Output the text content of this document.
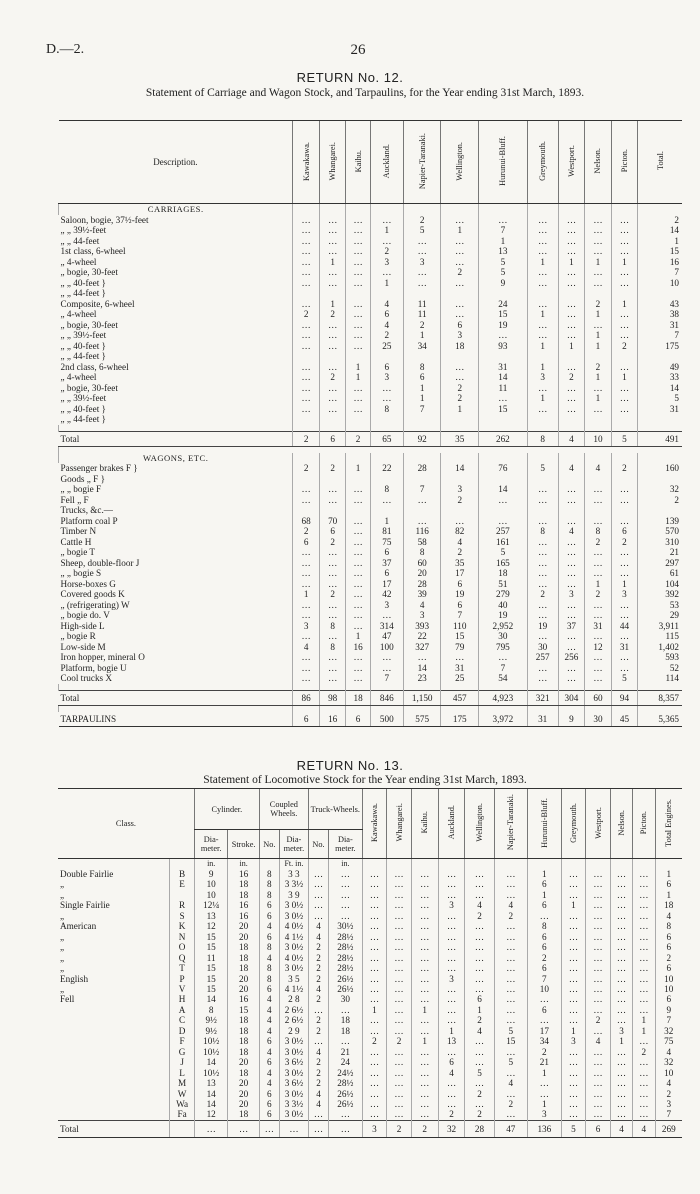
D.—2.	26
RETURN No. 12.
Statement of Carriage and Wagon Stock, and Tarpaulins, for the Year ending 31st March, 1893.
Description.	Kawakawa.	Whangarei.	Kaihu.	Auckland.	Napier-Taranaki.	Wellington.	Hurunui-Bluff.	Greymouth.	Westport.	Nelson.	Picton.	Total.
CARRIAGES.												
Saloon, bogie, 37½-feet	…	…	…	…	2	…	…	…	…	…	…	2
„ „ 39½-feet	…	…	…	1	5	1	7	…	…	…	…	14
„ „ 44-feet	…	…	…	…	…	…	1	…	…	…	…	1
1st class, 6-wheel	…	…	…	2	…	…	13	…	…	…	…	15
„ 4-wheel	…	1	…	3	3	…	5	1	1	1	1	16
„ bogie, 30-feet	…	…	…	…	…	2	5	…	…	…	…	7
„ „ 40-feet }	…	…	…	1	…	…	9	…	…	…	…	10
„ „ 44-feet }												
Composite, 6-wheel	…	1	…	4	11	…	24	…	…	2	1	43
„ 4-wheel	2	2	…	6	11	…	15	1	…	1	…	38
„ bogie, 30-feet	…	…	…	4	2	6	19	…	…	…	…	31
„ „ 39½-feet	…	…	…	2	1	3	…	…	…	1	…	7
„ „ 40-feet }	…	…	…	25	34	18	93	1	1	1	2	175
„ „ 44-feet }												
2nd class, 6-wheel	…	…	1	6	8	…	31	1	…	2	…	49
„ 4-wheel	…	2	1	3	6	…	14	3	2	1	1	33
„ bogie, 30-feet	…	…	…	…	1	2	11	…	…	…	…	14
„ „ 39½-feet	…	…	…	…	1	2	…	1	…	1	…	5
„ „ 40-feet }	…	…	…	8	7	1	15	…	…	…	…	31
„ „ 44-feet }												

Total	2	6	2	65	92	35	262	8	4	10	5	491

WAGONS, ETC.												
Passenger brakes F }	2	2	1	22	28	14	76	5	4	4	2	160
Goods „ F }												
„ „ bogie F	…	…	…	8	7	3	14	…	…	…	…	32
Fell „ F	…	…	…	…	…	2	…	…	…	…	…	2
Trucks, &c.—												
Platform coal P	68	70	…	1	…	…	…	…	…	…	…	139
Timber N	2	6	…	81	116	82	257	8	4	8	6	570
Cattle H	6	2	…	75	58	4	161	…	…	2	2	310
„ bogie T	…	…	…	6	8	2	5	…	…	…	…	21
Sheep, double-floor J	…	…	…	37	60	35	165	…	…	…	…	297
„ „ bogie S	…	…	…	6	20	17	18	…	…	…	…	61
Horse-boxes G	…	…	…	17	28	6	51	…	…	1	1	104
Covered goods K	1	2	…	42	39	19	279	2	3	2	3	392
„ (refrigerating) W	…	…	…	3	4	6	40	…	…	…	…	53
„ bogie do. V	…	…	…	…	3	7	19	…	…	…	…	29
High-side L	3	8	…	314	393	110	2,952	19	37	31	44	3,911
„ bogie R	…	…	1	47	22	15	30	…	…	…	…	115
Low-side M	4	8	16	100	327	79	795	30	…	12	31	1,402
Iron hopper, mineral O	…	…	…	…	…	…	…	257	256	…	…	593
Platform, bogie U	…	…	…	…	14	31	7	…	…	…	…	52
Cool trucks X	…	…	…	7	23	25	54	…	…	…	5	114

Total	86	98	18	846	1,150	457	4,923	321	304	60	94	8,357

TARPAULINS	6	16	6	500	575	175	3,972	31	9	30	45	5,365
RETURN No. 13.
Statement of Locomotive Stock for the Year ending 31st March, 1893.
Class.		Cylinder.		Coupled Wheels.		Truck-Wheels.		Kawakawa.	Whangarei.	Kaihu.	Auckland.	Wellington.	Napier-Taranaki.	Hurunui-Bluff.	Greymouth.	Westport.	Nelson.	Picton.	Total Engines.
		Dia-meter.	Stroke.	No.	Dia-meter.	No.	Dia-meter.												
		in.	in.		Ft. in.		in.												
Double Fairlie	B	9	16	8	3 3	…	…	…	…	…	…	…	…	1	…	…	…	…	1
„	E	10	18	8	3 3½	…	…	…	…	…	…	…	…	6	…	…	…	…	6
„		10	18	8	3 9	…	…	…	…	…	…	…	…	1	…	…	…	…	1
Single Fairlie	R	12¼	16	6	3 0½	…	…	…	…	…	3	4	4	6	1	…	…	…	18
„	S	13	16	6	3 0½	…	…	…	…	…	…	2	2	…	…	…	…	…	4
American	K	12	20	4	4 0½	4	30½	…	…	…	…	…	…	8	…	…	…	…	8
„	N	15	20	6	4 1½	4	28½	…	…	…	…	…	…	6	…	…	…	…	6
„	O	15	18	8	3 0½	2	28½	…	…	…	…	…	…	6	…	…	…	…	6
„	Q	11	18	4	4 0½	2	28½	…	…	…	…	…	…	2	…	…	…	…	2
„	T	15	18	8	3 0½	2	28½	…	…	…	…	…	…	6	…	…	…	…	6
English	P	15	20	8	3 5	2	26½	…	…	…	3	…	…	7	…	…	…	…	10
„	V	15	20	6	4 1½	4	26½	…	…	…	…	…	…	10	…	…	…	…	10
Fell	H	14	16	4	2 8	2	30	…	…	…	…	6	…	…	…	…	…	…	6
	A	8	15	4	2 6½	…	…	1	…	1	…	1	…	6	…	…	…	…	9
	C	9½	18	4	2 6½	2	18	…	…	…	…	2	…	…	…	2	…	1	7
	D	9½	18	4	2 9	2	18	…	…	…	1	4	5	17	1	…	3	1	32
	F	10½	18	6	3 0½	…	…	2	2	1	13	…	15	34	3	4	1	…	75
	G	10½	18	4	3 0½	4	21	…	…	…	…	…	…	2	…	…	…	2	4
	J	14	20	6	3 6½	2	24	…	…	…	6	…	5	21	…	…	…	…	32
	L	10½	18	4	3 0½	2	24½	…	…	…	4	5	…	1	…	…	…	…	10
	M	13	20	4	3 6½	2	28½	…	…	…	…	…	4	…	…	…	…	…	4
	W	14	20	6	3 0½	4	26½	…	…	…	…	2	…	…	…	…	…	…	2
	Wa	14	20	6	3 3½	4	26½	…	…	…	…	…	2	1	…	…	…	…	3
	Fa	12	18	6	3 0½	…	…	…	…	…	2	2	…	3	…	…	…	…	7
Total		…	…	…	…	…	…	3	2	2	32	28	47	136	5	6	4	4	269
